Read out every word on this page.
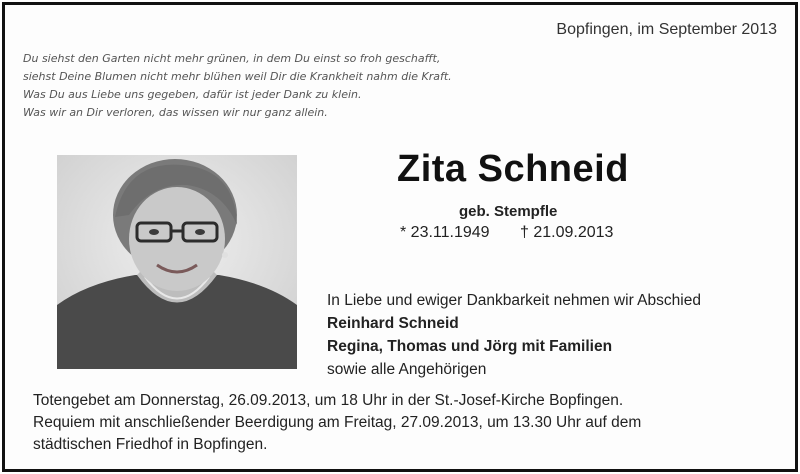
Bopfingen, im September 2013
Du siehst den Garten nicht mehr grünen, in dem Du einst so froh geschafft,
siehst Deine Blumen nicht mehr blühen weil Dir die Krankheit nahm die Kraft.
Was Du aus Liebe uns gegeben, dafür ist jeder Dank zu klein.
Was wir an Dir verloren, das wissen wir nur ganz allein.
Zita Schneid
geb. Stempfle
* 23.11.1949 † 21.09.2013
In Liebe und ewiger Dankbarkeit nehmen wir Abschied
Reinhard Schneid
Regina, Thomas und Jörg mit Familien
sowie alle Angehörigen
Totengebet am Donnerstag, 26.09.2013, um 18 Uhr in der St.-Josef-Kirche Bopfingen.
Requiem mit anschließender Beerdigung am Freitag, 27.09.2013, um 13.30 Uhr auf dem
städtischen Friedhof in Bopfingen.
